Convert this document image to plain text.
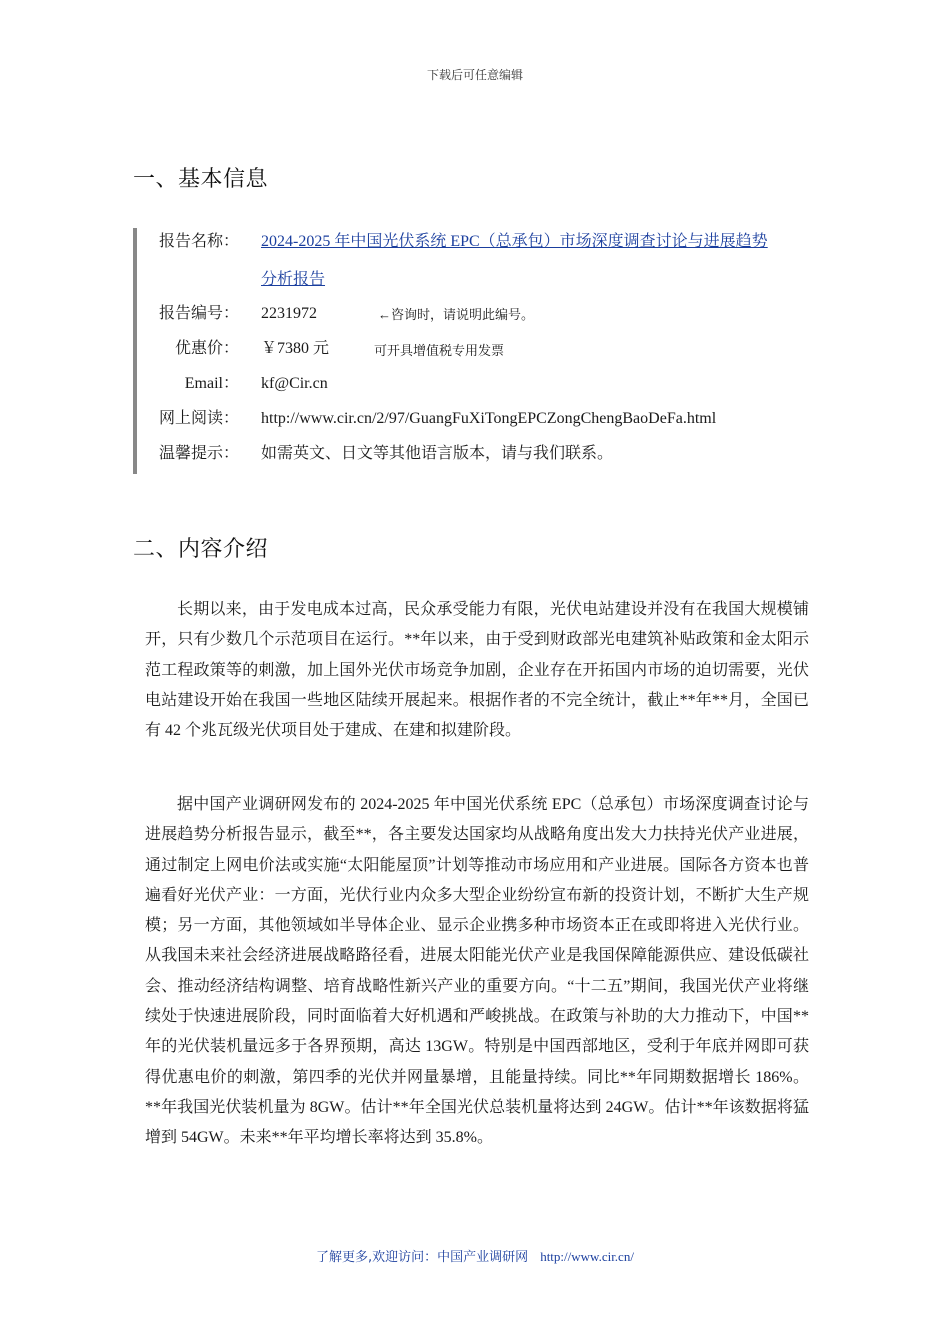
下载后可任意编辑
一、基本信息
报告名称： 2024-2025 年中国光伏系统 EPC（总承包）市场深度调查讨论与进展趋势
分析报告
报告编号： 2231972	←咨询时，请说明此编号。
优惠价： ￥7380 元	可开具增值税专用发票
Email： kf@Cir.cn
网上阅读： http://www.cir.cn/2/97/GuangFuXiTongEPCZongChengBaoDeFa.html
温馨提示： 如需英文、日文等其他语言版本，请与我们联系。
二、内容介绍

长期以来，由于发电成本过高，民众承受能力有限，光伏电站建设并没有在我国大规模铺开，只有少数几个示范项目在运行。**年以来，由于受到财政部光电建筑补贴政策和金太阳示范工程政策等的刺激，加上国外光伏市场竞争加剧，企业存在开拓国内市场的迫切需要，光伏电站建设开始在我国一些地区陆续开展起来。根据作者的不完全统计，截止**年**月，全国已有 42 个兆瓦级光伏项目处于建成、在建和拟建阶段。

据中国产业调研网发布的 2024-2025 年中国光伏系统 EPC（总承包）市场深度调查讨论与进展趋势分析报告显示，截至**，各主要发达国家均从战略角度出发大力扶持光伏产业进展，通过制定上网电价法或实施“太阳能屋顶”计划等推动市场应用和产业进展。国际各方资本也普遍看好光伏产业：一方面，光伏行业内众多大型企业纷纷宣布新的投资计划，不断扩大生产规模；另一方面，其他领域如半导体企业、显示企业携多种市场资本正在或即将进入光伏行业。从我国未来社会经济进展战略路径看，进展太阳能光伏产业是我国保障能源供应、建设低碳社会、推动经济结构调整、培育战略性新兴产业的重要方向。“十二五”期间，我国光伏产业将继续处于快速进展阶段，同时面临着大好机遇和严峻挑战。在政策与补助的大力推动下，中国**年的光伏装机量远多于各界预期，高达 13GW。特别是中国西部地区，受利于年底并网即可获得优惠电价的刺激，第四季的光伏并网量暴增，且能量持续。同比**年同期数据增长 186%。**年我国光伏装机量为 8GW。估计**年全国光伏总装机量将达到 24GW。估计**年该数据将猛增到 54GW。未来**年平均增长率将达到 35.8%。

了解更多,欢迎访问：中国产业调研网 http://www.cir.cn/
